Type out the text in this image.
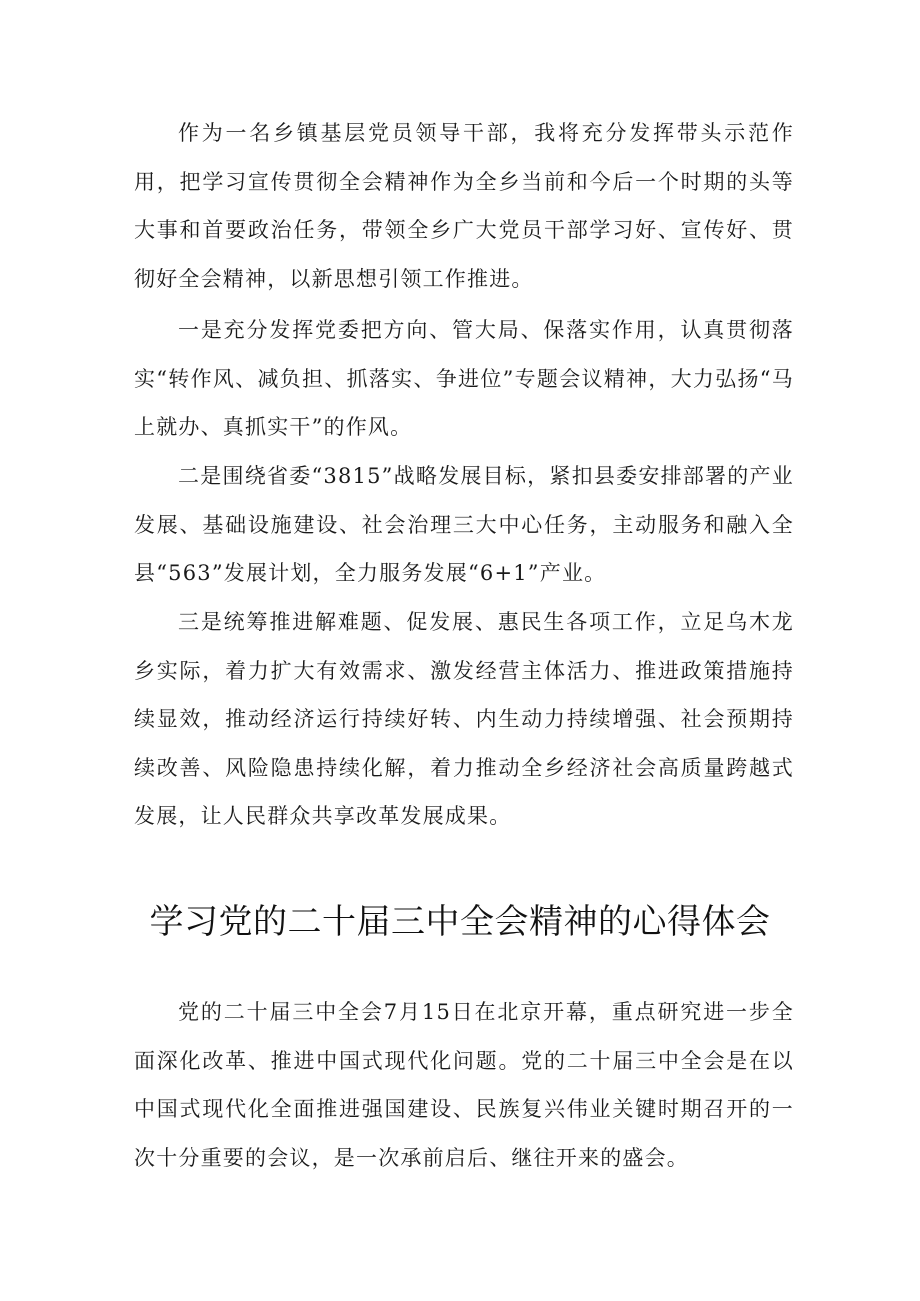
作为一名乡镇基层党员领导干部，我将充分发挥带头示范作用，把学习宣传贯彻全会精神作为全乡当前和今后一个时期的头等大事和首要政治任务，带领全乡广大党员干部学习好、宣传好、贯彻好全会精神，以新思想引领工作推进。

一是充分发挥党委把方向、管大局、保落实作用，认真贯彻落实“转作风、减负担、抓落实、争进位”专题会议精神，大力弘扬“马上就办、真抓实干”的作风。

二是围绕省委“3815”战略发展目标，紧扣县委安排部署的产业发展、基础设施建设、社会治理三大中心任务，主动服务和融入全县“563”发展计划，全力服务发展“6+1”产业。

三是统筹推进解难题、促发展、惠民生各项工作，立足乌木龙乡实际，着力扩大有效需求、激发经营主体活力、推进政策措施持续显效，推动经济运行持续好转、内生动力持续增强、社会预期持续改善、风险隐患持续化解，着力推动全乡经济社会高质量跨越式发展，让人民群众共享改革发展成果。

学习党的二十届三中全会精神的心得体会

党的二十届三中全会7月15日在北京开幕，重点研究进一步全面深化改革、推进中国式现代化问题。党的二十届三中全会是在以中国式现代化全面推进强国建设、民族复兴伟业关键时期召开的一次十分重要的会议，是一次承前启后、继往开来的盛会。
